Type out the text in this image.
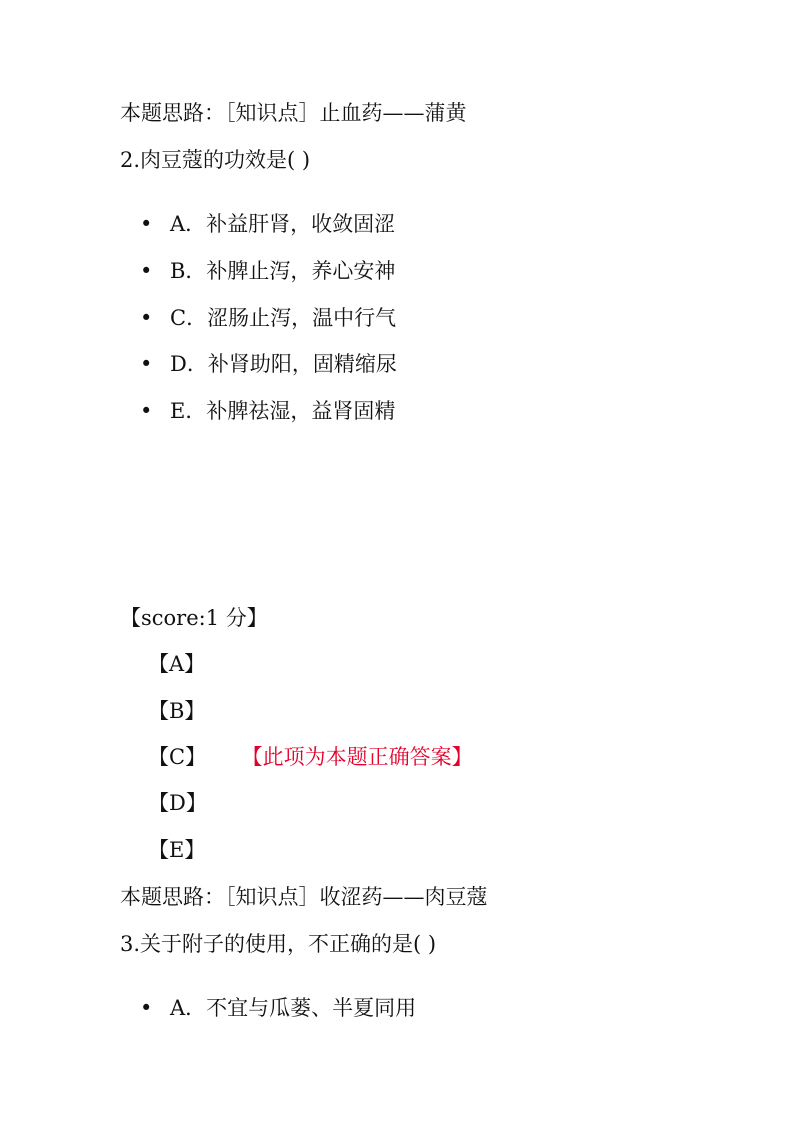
本题思路：［知识点］止血药——蒲黄
2.肉豆蔻的功效是( )
• A．补益肝肾，收敛固涩
• B．补脾止泻，养心安神
• C．涩肠止泻，温中行气
• D．补肾助阳，固精缩尿
• E．补脾祛湿，益肾固精
【score:1 分】
【A】
【B】
【C】 【此项为本题正确答案】
【D】
【E】
本题思路：［知识点］收涩药——肉豆蔻
3.关于附子的使用，不正确的是( )
• A．不宜与瓜蒌、半夏同用
